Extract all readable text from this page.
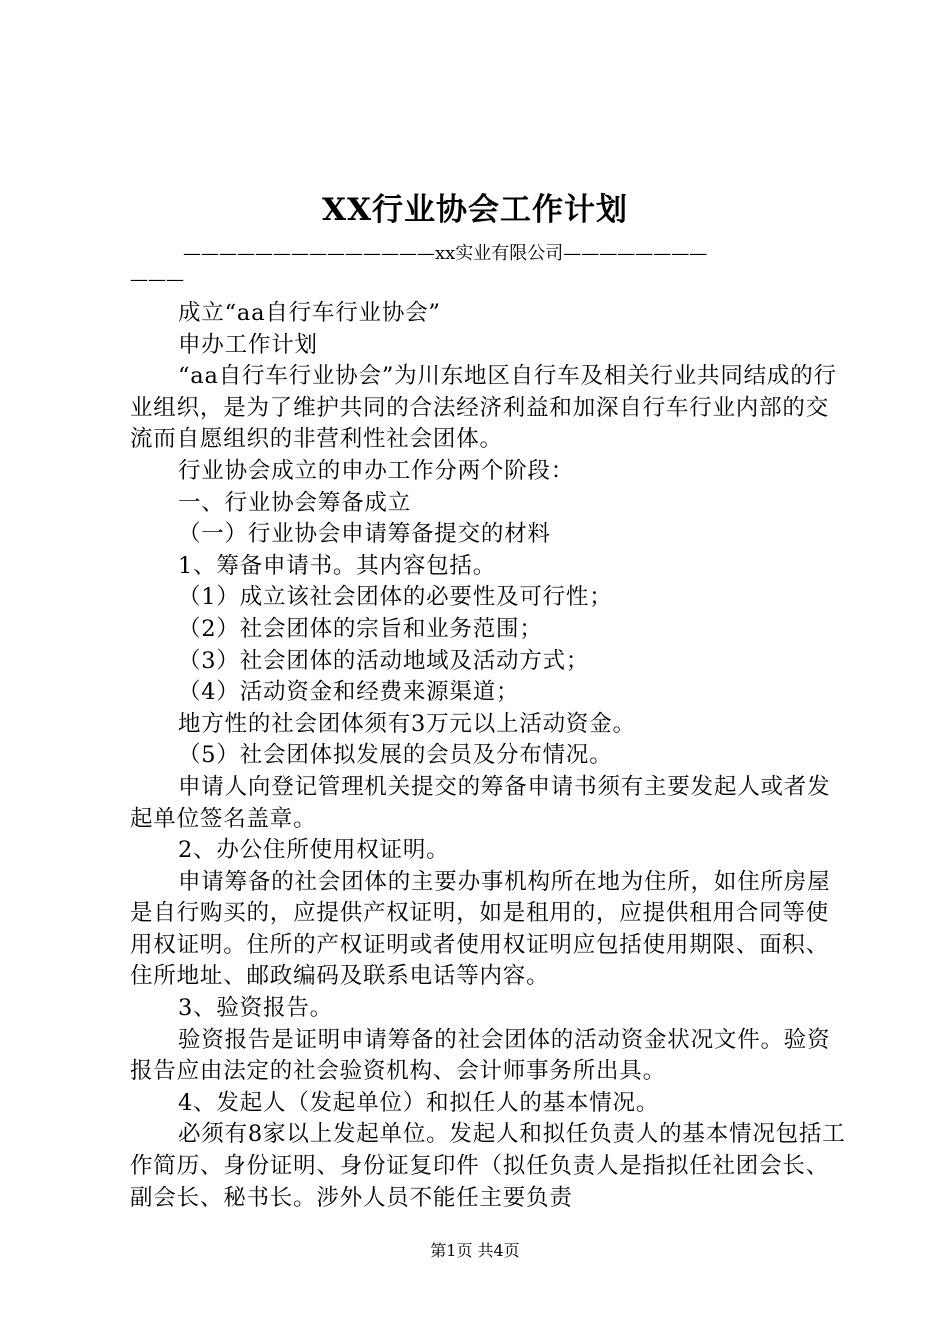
XX行业协会工作计划
——————————————xx实业有限公司————————
———

成立“aa自行车行业协会”

申办工作计划

“aa自行车行业协会”为川东地区自行车及相关行业共同结成的行业组织，是为了维护共同的合法经济利益和加深自行车行业内部的交流而自愿组织的非营利性社会团体。

行业协会成立的申办工作分两个阶段：

一、行业协会筹备成立

（一）行业协会申请筹备提交的材料

1、筹备申请书。其内容包括。

（1）成立该社会团体的必要性及可行性；

（2）社会团体的宗旨和业务范围；

（3）社会团体的活动地域及活动方式；

（4）活动资金和经费来源渠道；

地方性的社会团体须有3万元以上活动资金。

（5）社会团体拟发展的会员及分布情况。

申请人向登记管理机关提交的筹备申请书须有主要发起人或者发起单位签名盖章。

2、办公住所使用权证明。

申请筹备的社会团体的主要办事机构所在地为住所，如住所房屋是自行购买的，应提供产权证明，如是租用的，应提供租用合同等使用权证明。住所的产权证明或者使用权证明应包括使用期限、面积、住所地址、邮政编码及联系电话等内容。

3、验资报告。

验资报告是证明申请筹备的社会团体的活动资金状况文件。验资报告应由法定的社会验资机构、会计师事务所出具。

4、发起人（发起单位）和拟任人的基本情况。

必须有8家以上发起单位。发起人和拟任负责人的基本情况包括工作简历、身份证明、身份证复印件（拟任负责人是指拟任社团会长、副会长、秘书长。涉外人员不能任主要负责

第1页 共4页
